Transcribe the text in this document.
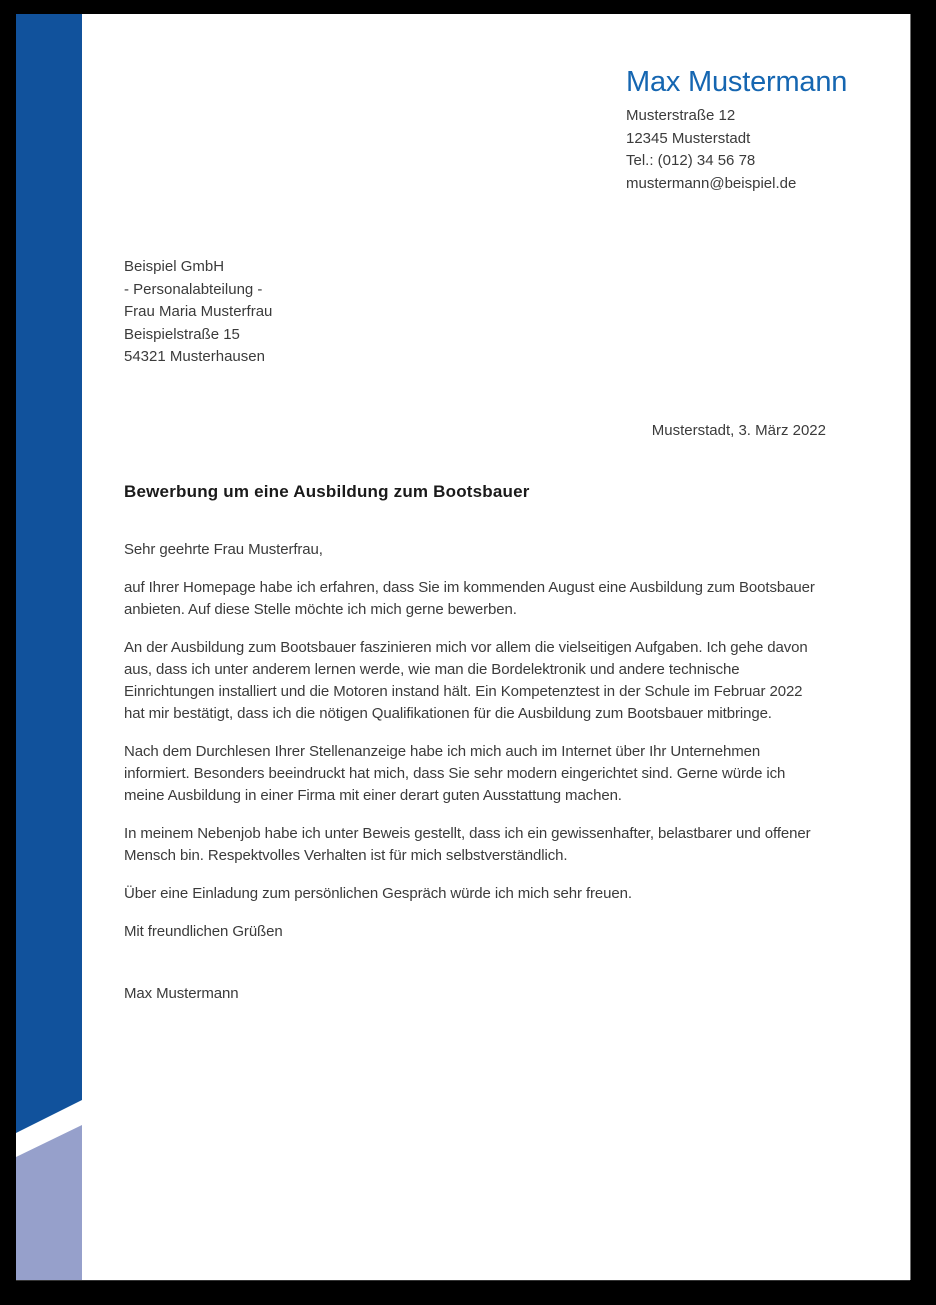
Max Mustermann
Musterstraße 12
12345 Musterstadt
Tel.: (012) 34 56 78
mustermann@beispiel.de
Beispiel GmbH
- Personalabteilung -
Frau Maria Musterfrau
Beispielstraße 15
54321 Musterhausen
Musterstadt, 3. März 2022
Bewerbung um eine Ausbildung zum Bootsbauer

Sehr geehrte Frau Musterfrau,

auf Ihrer Homepage habe ich erfahren, dass Sie im kommenden August eine Ausbildung zum Bootsbauer anbieten. Auf diese Stelle möchte ich mich gerne bewerben.

An der Ausbildung zum Bootsbauer faszinieren mich vor allem die vielseitigen Aufgaben. Ich gehe davon aus, dass ich unter anderem lernen werde, wie man die Bordelektronik und andere technische Einrichtungen installiert und die Motoren instand hält. Ein Kompetenztest in der Schule im Februar 2022 hat mir bestätigt, dass ich die nötigen Qualifikationen für die Ausbildung zum Bootsbauer mitbringe.

Nach dem Durchlesen Ihrer Stellenanzeige habe ich mich auch im Internet über Ihr Unternehmen informiert. Besonders beeindruckt hat mich, dass Sie sehr modern eingerichtet sind. Gerne würde ich meine Ausbildung in einer Firma mit einer derart guten Ausstattung machen.

In meinem Nebenjob habe ich unter Beweis gestellt, dass ich ein gewissenhafter, belastbarer und offener Mensch bin. Respektvolles Verhalten ist für mich selbstverständlich.

Über eine Einladung zum persönlichen Gespräch würde ich mich sehr freuen.

Mit freundlichen Grüßen

Max Mustermann
